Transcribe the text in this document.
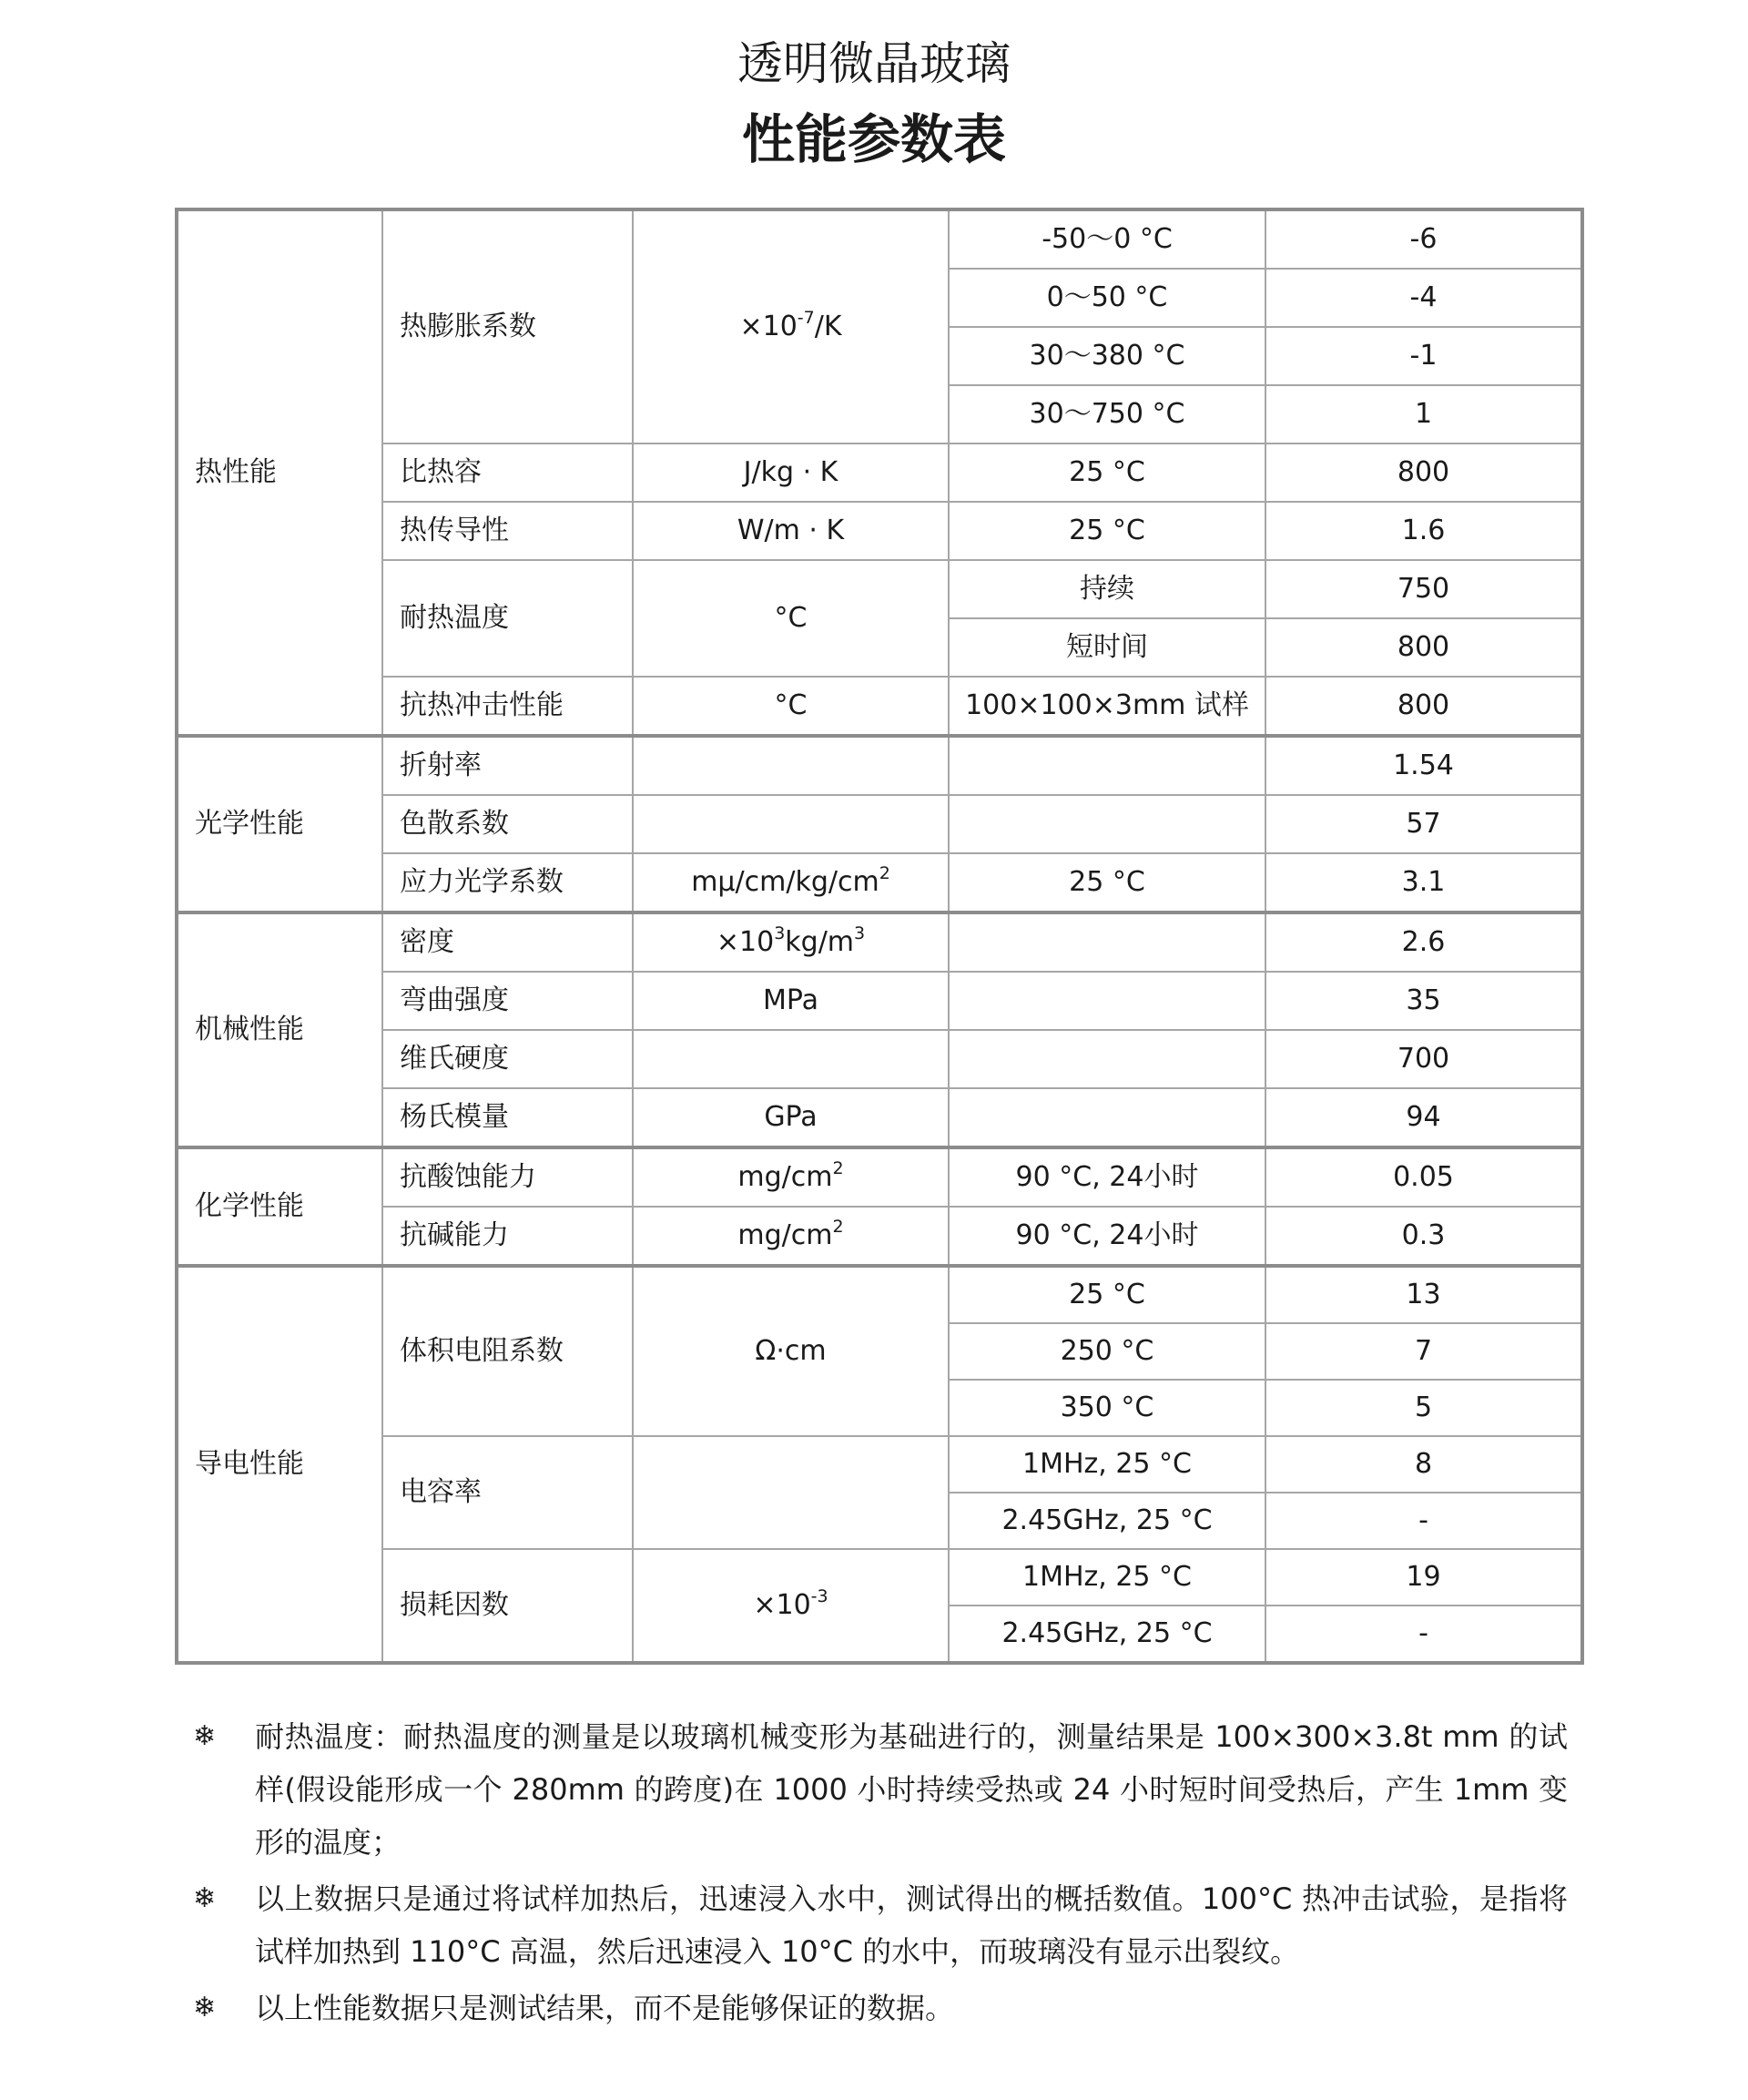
透明微晶玻璃
性能参数表
热性能	热膨胀系数	$\times 10^{-7}/K$	-50～0 °C	-6
			0～50 °C	-4
			30～380 °C	-1
			30～750 °C	1
	比热容	J/kg · K	25 °C	800
	热传导性	W/m · K	25 °C	1.6
	耐热温度	°C	持续	750
			短时间	800
	抗热冲击性能	°C	100×100×3mm 试样	800
光学性能	折射率			1.54
	色散系数			57
	应力光学系数	$m\mu/cm/kg/cm^2$	25 °C	3.1
机械性能	密度	$\times 10^3kg/m^3$		2.6
	弯曲强度	MPa		35
	维氏硬度			700
	杨氏模量	GPa		94
化学性能	抗酸蚀能力	$mg/cm^2$	90 °C, 24小时	0.05
	抗碱能力	$mg/cm^2$	90 °C, 24小时	0.3
导电性能	体积电阻系数	Ω·cm	25 °C	13
			250 °C	7
			350 °C	5
	电容率		1MHz, 25 °C	8
			2.45GHz, 25 °C	-
	损耗因数	$\times 10^{-3}$	1MHz, 25 °C	19
			2.45GHz, 25 °C	-
❄ 耐热温度：耐热温度的测量是以玻璃机械变形为基础进行的，测量结果是 100×300×3.8t mm 的试样(假设能形成一个 280mm 的跨度)在 1000 小时持续受热或 24 小时短时间受热后，产生 1mm 变形的温度；
❄ 以上数据只是通过将试样加热后，迅速浸入水中，测试得出的概括数值。100°C 热冲击试验，是指将试样加热到 110°C 高温，然后迅速浸入 10°C 的水中，而玻璃没有显示出裂纹。
❄ 以上性能数据只是测试结果，而不是能够保证的数据。
